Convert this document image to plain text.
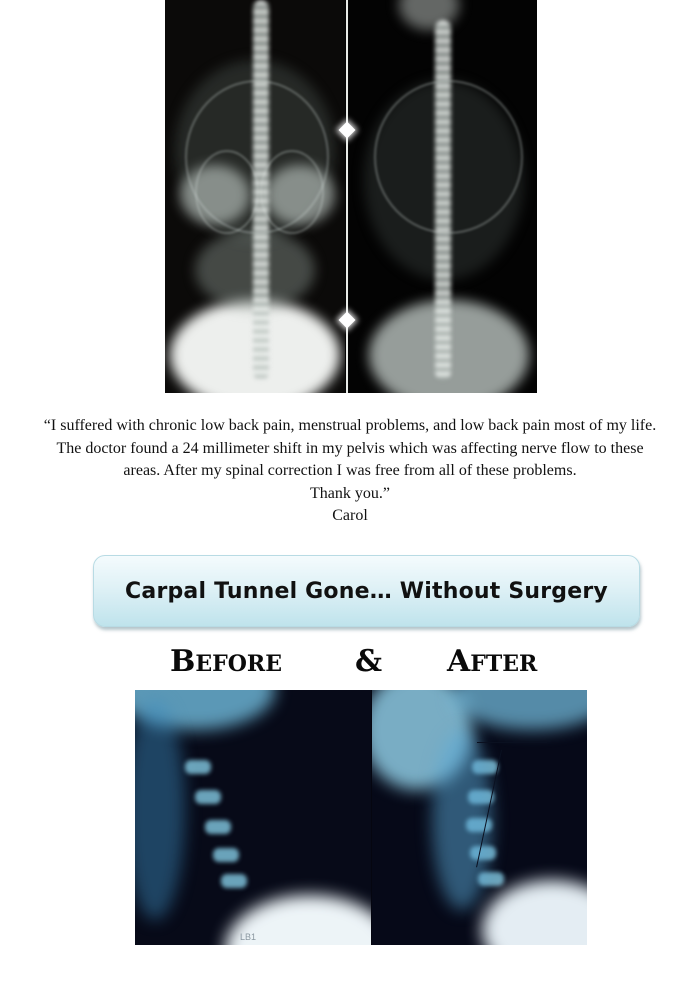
“I suffered with chronic low back pain, menstrual problems, and low back pain most of my life.
The doctor found a 24 millimeter shift in my pelvis which was affecting nerve flow to these
areas. After my spinal correction I was free from all of these problems.
Thank you.”
Carol
Carpal Tunnel Gone… Without Surgery
BEFORE & AFTER
LB1
